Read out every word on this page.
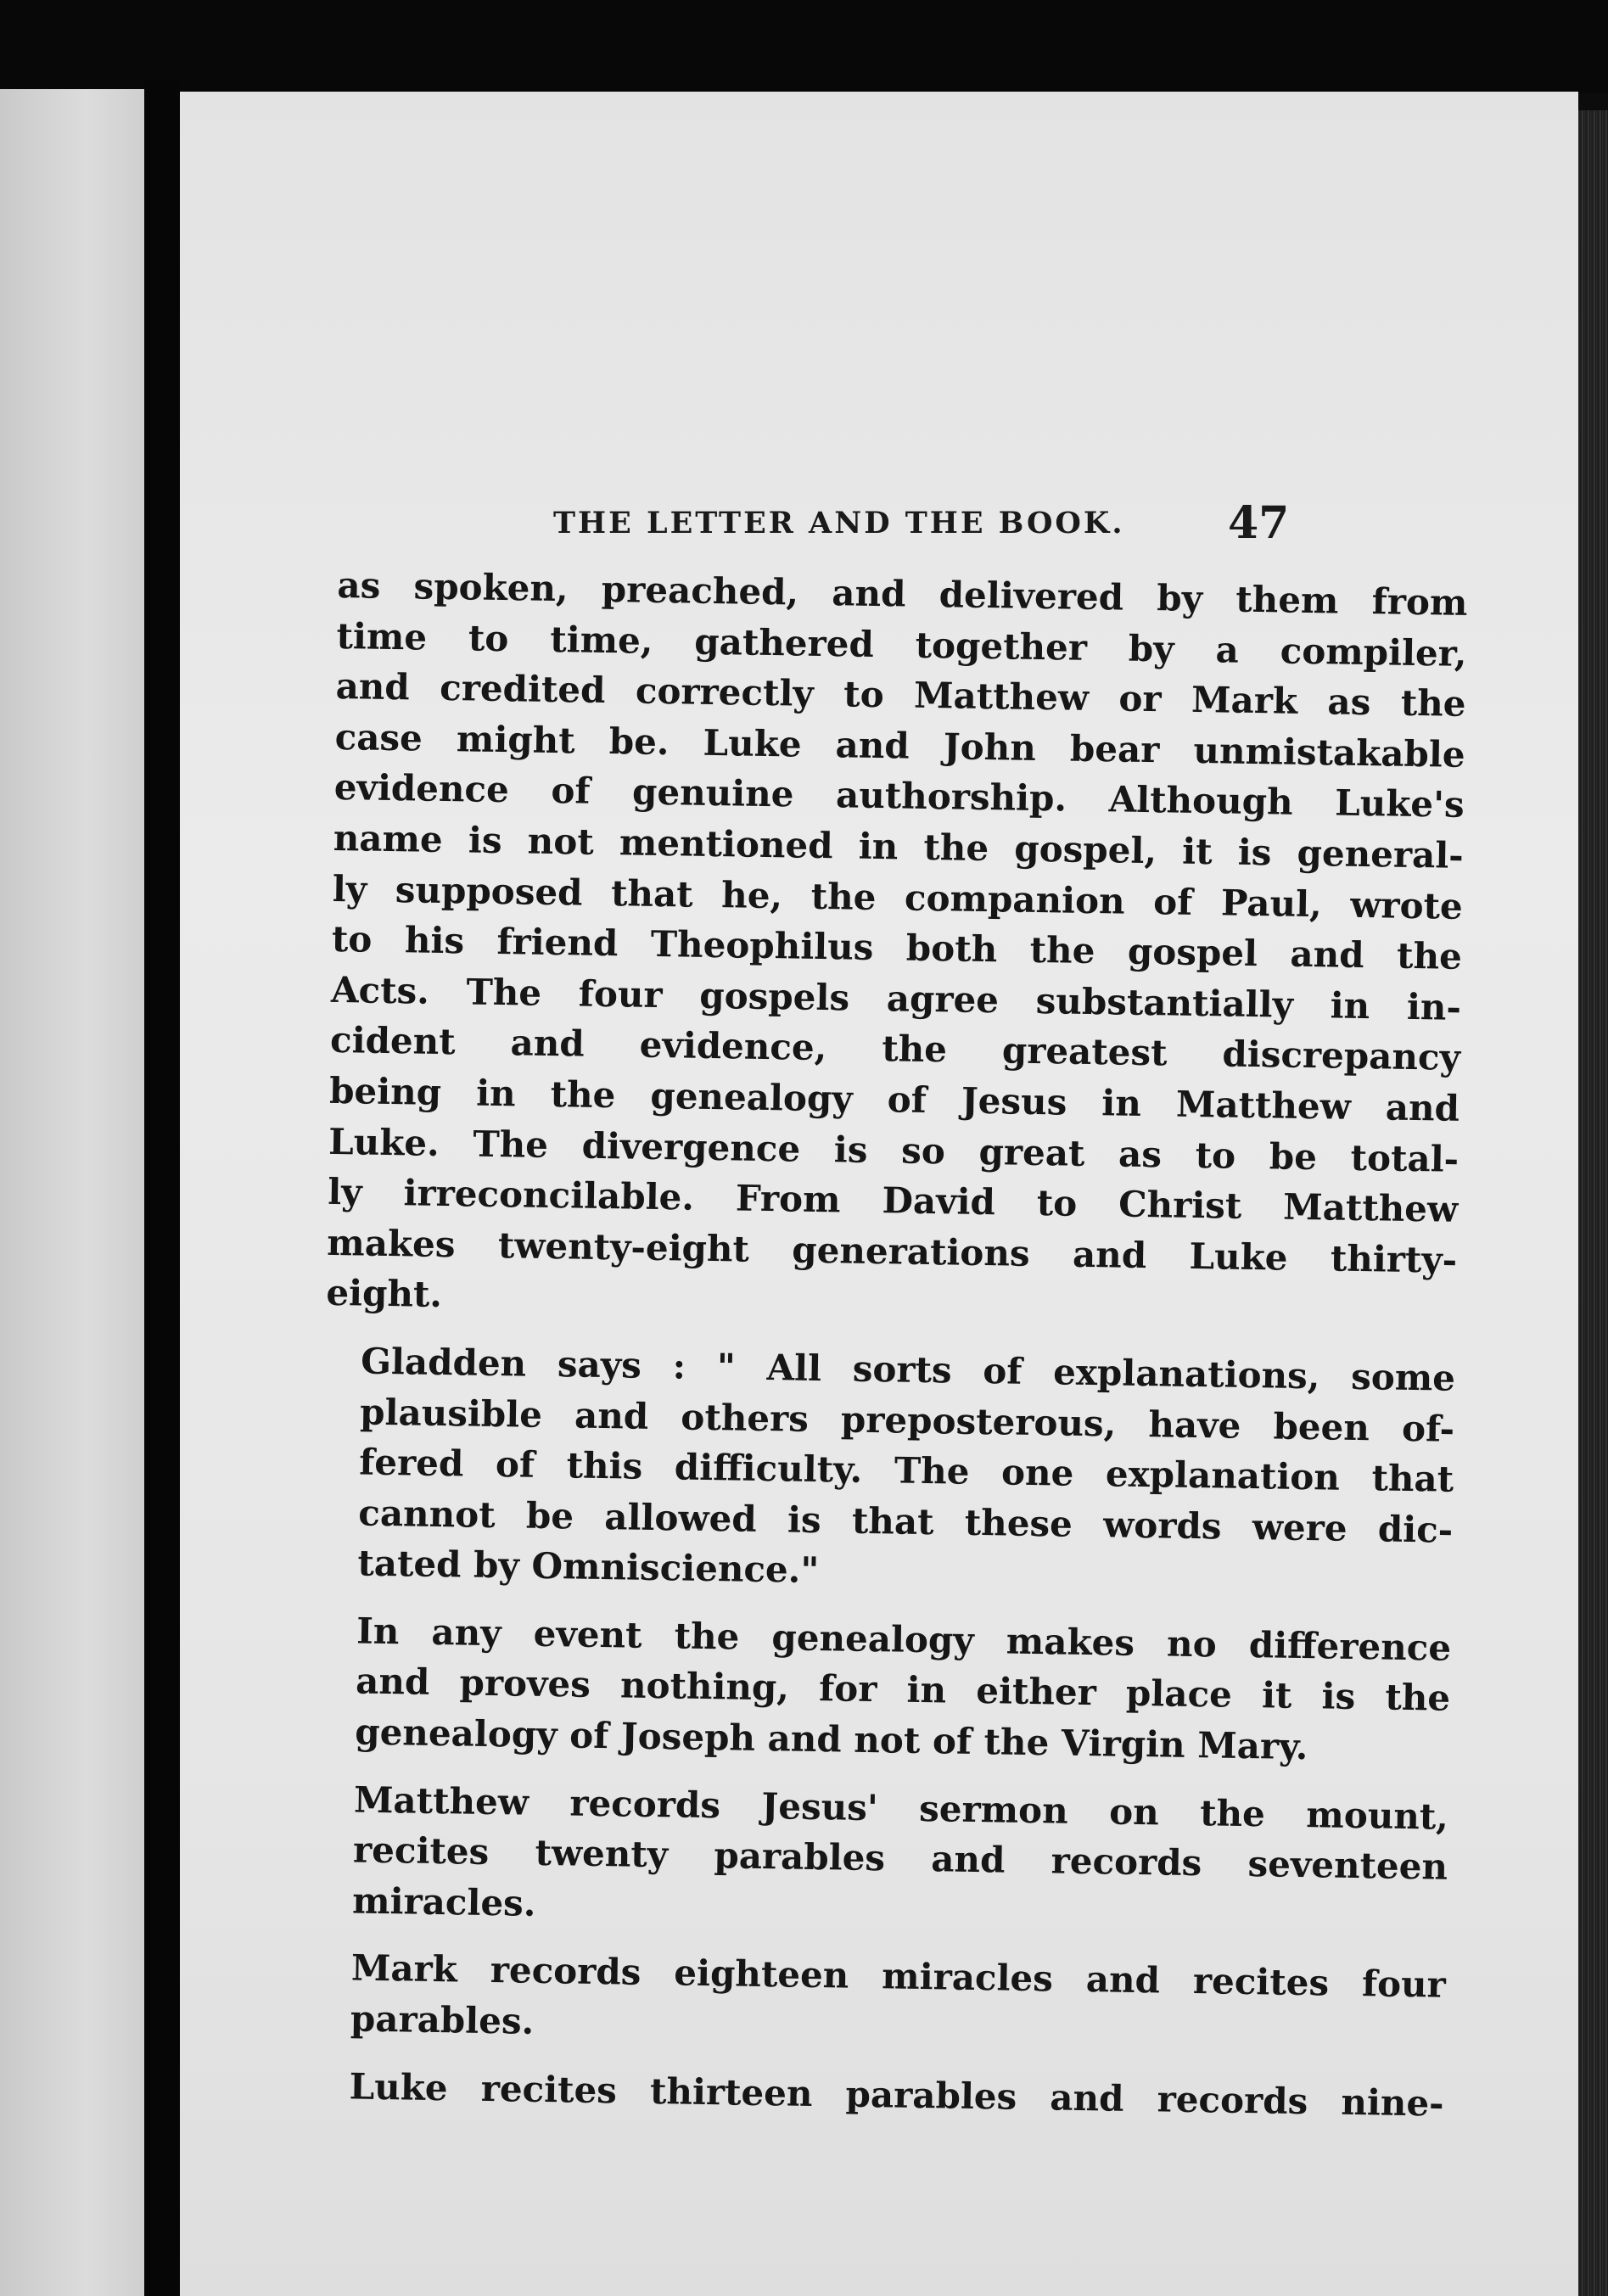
THE LETTER AND THE BOOK. 47

as spoken, preached, and delivered by them from
time to time, gathered together by a compiler,
and credited correctly to Matthew or Mark as the
case might be. Luke and John bear unmistakable
evidence of genuine authorship. Although Luke's
name is not mentioned in the gospel, it is general-
ly supposed that he, the companion of Paul, wrote
to his friend Theophilus both the gospel and the
Acts. The four gospels agree substantially in in-
cident and evidence, the greatest discrepancy
being in the genealogy of Jesus in Matthew and
Luke. The divergence is so great as to be total-
ly irreconcilable. From David to Christ Matthew
makes twenty-eight generations and Luke thirty-
eight.

Gladden says : " All sorts of explanations, some
plausible and others preposterous, have been of-
fered of this difficulty. The one explanation that
cannot be allowed is that these words were dic-
tated by Omniscience."

In any event the genealogy makes no difference
and proves nothing, for in either place it is the
genealogy of Joseph and not of the Virgin Mary.

Matthew records Jesus' sermon on the mount,
recites twenty parables and records seventeen
miracles.

Mark records eighteen miracles and recites four
parables.

Luke recites thirteen parables and records nine-
